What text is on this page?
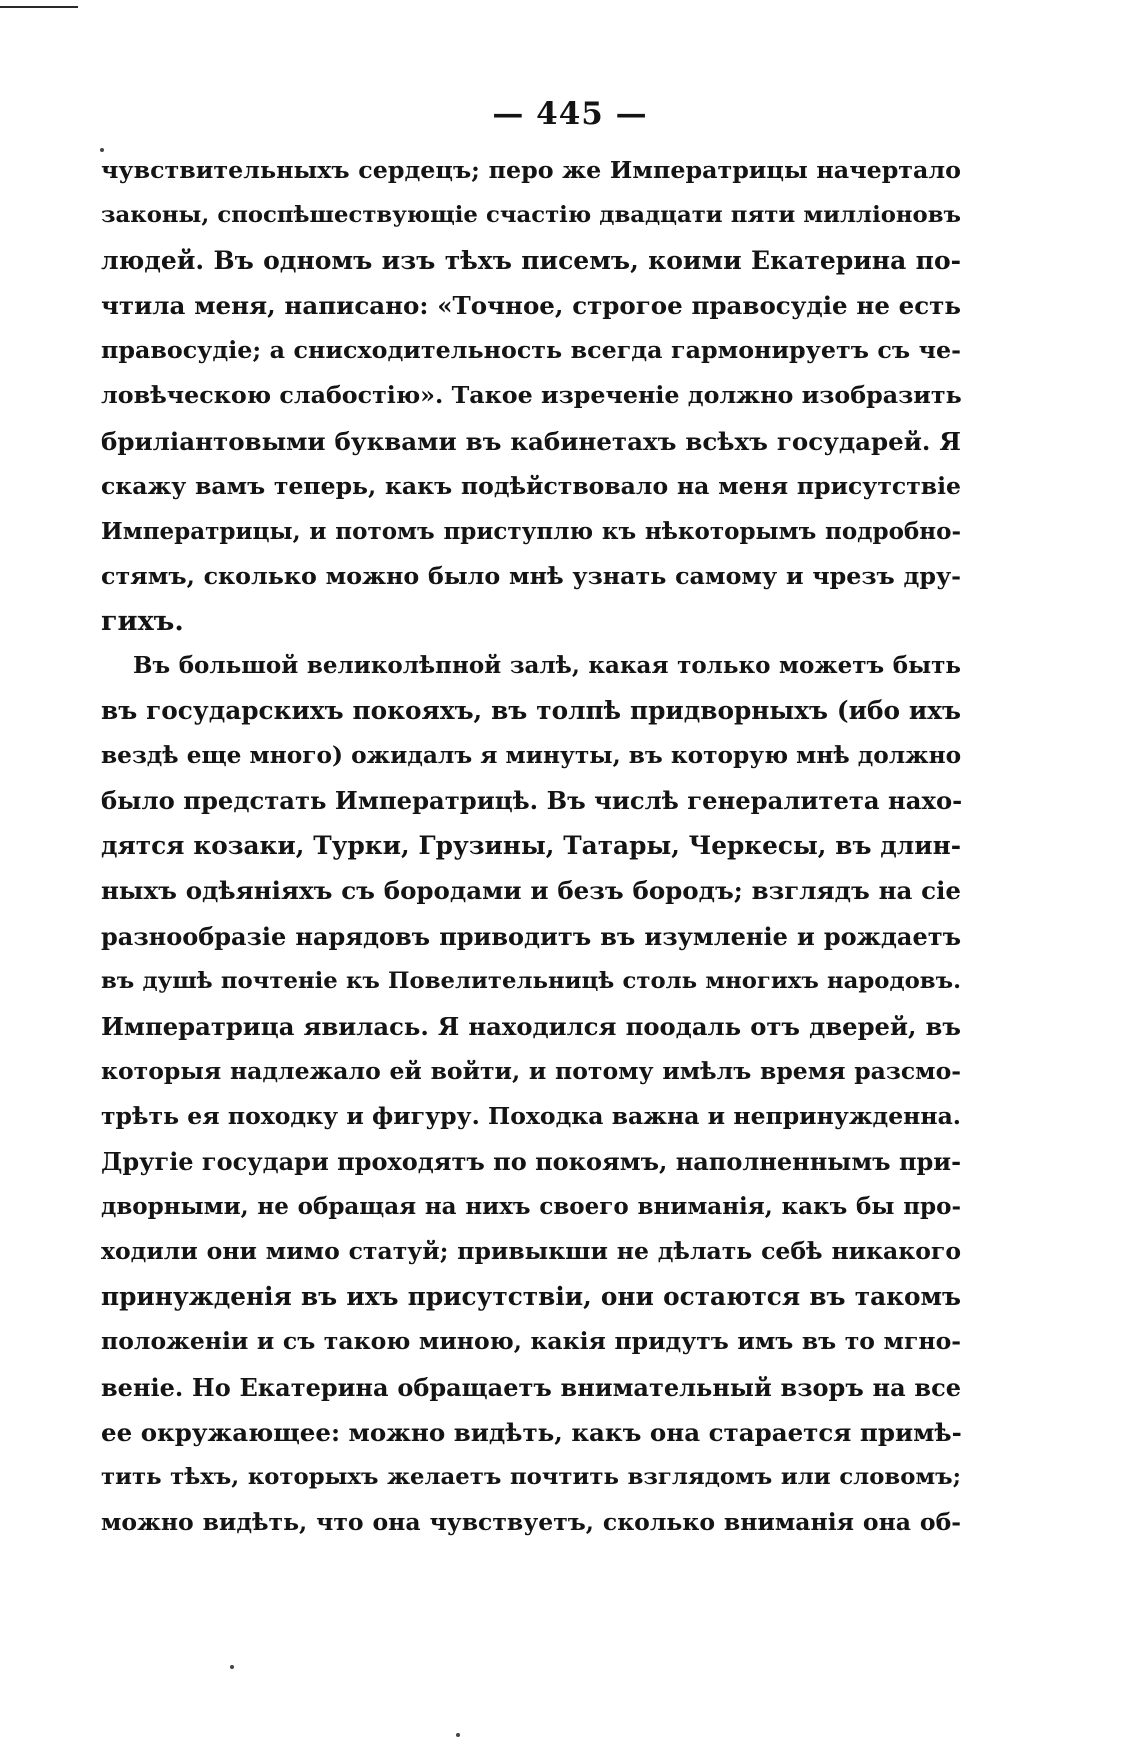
— 445 —
чувствительныхъ сердецъ; перо же Императрицы начертало
законы, споспѣшествующіе счастію двадцати пяти милліоновъ
людей. Въ одномъ изъ тѣхъ писемъ, коими Екатерина по-
чтила меня, написано: «Точное, строгое правосудіе не есть
правосудіе; а снисходительность всегда гармонируетъ съ че-
ловѣческою слабостію». Такое изреченіе должно изобразить
бриліантовыми буквами въ кабинетахъ всѣхъ государей. Я
скажу вамъ теперь, какъ подѣйствовало на меня присутствіе
Императрицы, и потомъ приступлю къ нѣкоторымъ подробно-
стямъ, сколько можно было мнѣ узнать самому и чрезъ дру-
гихъ.
Въ большой великолѣпной залѣ, какая только можетъ быть
въ государскихъ покояхъ, въ толпѣ придворныхъ (ибо ихъ
вездѣ еще много) ожидалъ я минуты, въ которую мнѣ должно
было предстать Императрицѣ. Въ числѣ генералитета нахо-
дятся козаки, Турки, Грузины, Татары, Черкесы, въ длин-
ныхъ одѣяніяхъ съ бородами и безъ бородъ; взглядъ на сіе
разнообразіе нарядовъ приводитъ въ изумленіе и рождаетъ
въ душѣ почтеніе къ Повелительницѣ столь многихъ народовъ.
Императрица явилась. Я находился поодаль отъ дверей, въ
которыя надлежало ей войти, и потому имѣлъ время разсмо-
трѣть ея походку и фигуру. Походка важна и непринужденна.
Другіе государи проходятъ по покоямъ, наполненнымъ при-
дворными, не обращая на нихъ своего вниманія, какъ бы про-
ходили они мимо статуй; привыкши не дѣлать себѣ никакого
принужденія въ ихъ присутствіи, они остаются въ такомъ
положеніи и съ такою миною, какія придутъ имъ въ то мгно-
веніе. Но Екатерина обращаетъ внимательный взоръ на все
ее окружающее: можно видѣть, какъ она старается примѣ-
тить тѣхъ, которыхъ желаетъ почтить взглядомъ или словомъ;
можно видѣть, что она чувствуетъ, сколько вниманія она об-
